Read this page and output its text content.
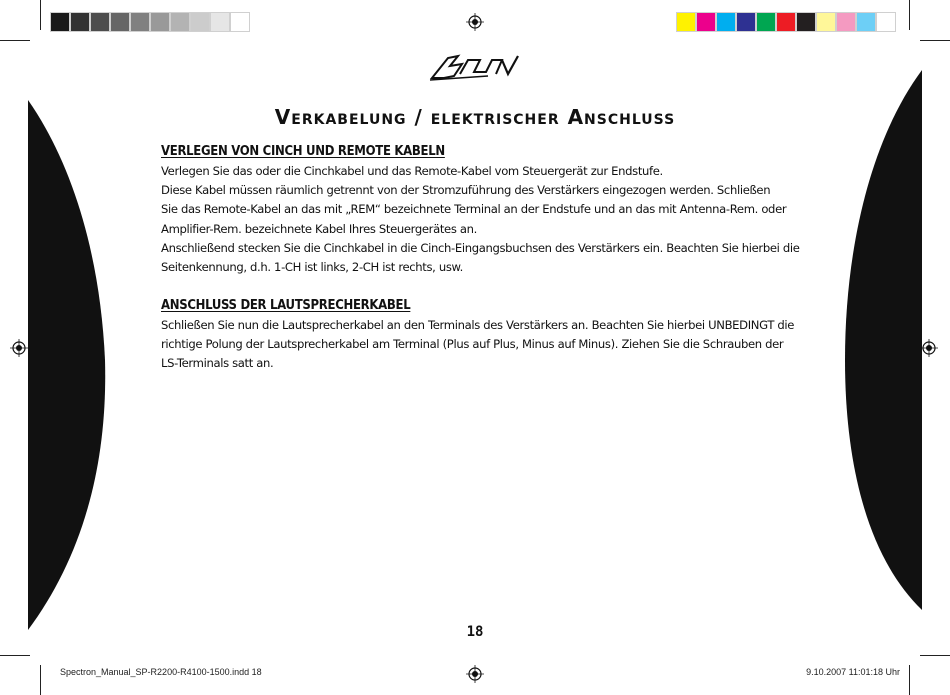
Verkabelung / elektrischer Anschluss
VERLEGEN VON CINCH UND REMOTE KABELN

Verlegen Sie das oder die Cinchkabel und das Remote-Kabel vom Steuergerät zur Endstufe.

Diese Kabel müssen räumlich getrennt von der Stromzuführung des Verstärkers eingezogen werden. Schließen

Sie das Remote-Kabel an das mit „REM“ bezeichnete Terminal an der Endstufe und an das mit Antenna-Rem. oder

Amplifier-Rem. bezeichnete Kabel Ihres Steuergerätes an.

Anschließend stecken Sie die Cinchkabel in die Cinch-Eingangsbuchsen des Verstärkers ein. Beachten Sie hierbei die

Seitenkennung, d.h. 1-CH ist links, 2-CH ist rechts, usw.

ANSCHLUSS DER LAUTSPRECHERKABEL

Schließen Sie nun die Lautsprecherkabel an den Terminals des Verstärkers an. Beachten Sie hierbei UNBEDINGT die

richtige Polung der Lautsprecherkabel am Terminal (Plus auf Plus, Minus auf Minus). Ziehen Sie die Schrauben der

LS-Terminals satt an.

18
Spectron_Manual_SP-R2200-R4100-1500.indd 18	9.10.2007 11:01:18 Uhr
